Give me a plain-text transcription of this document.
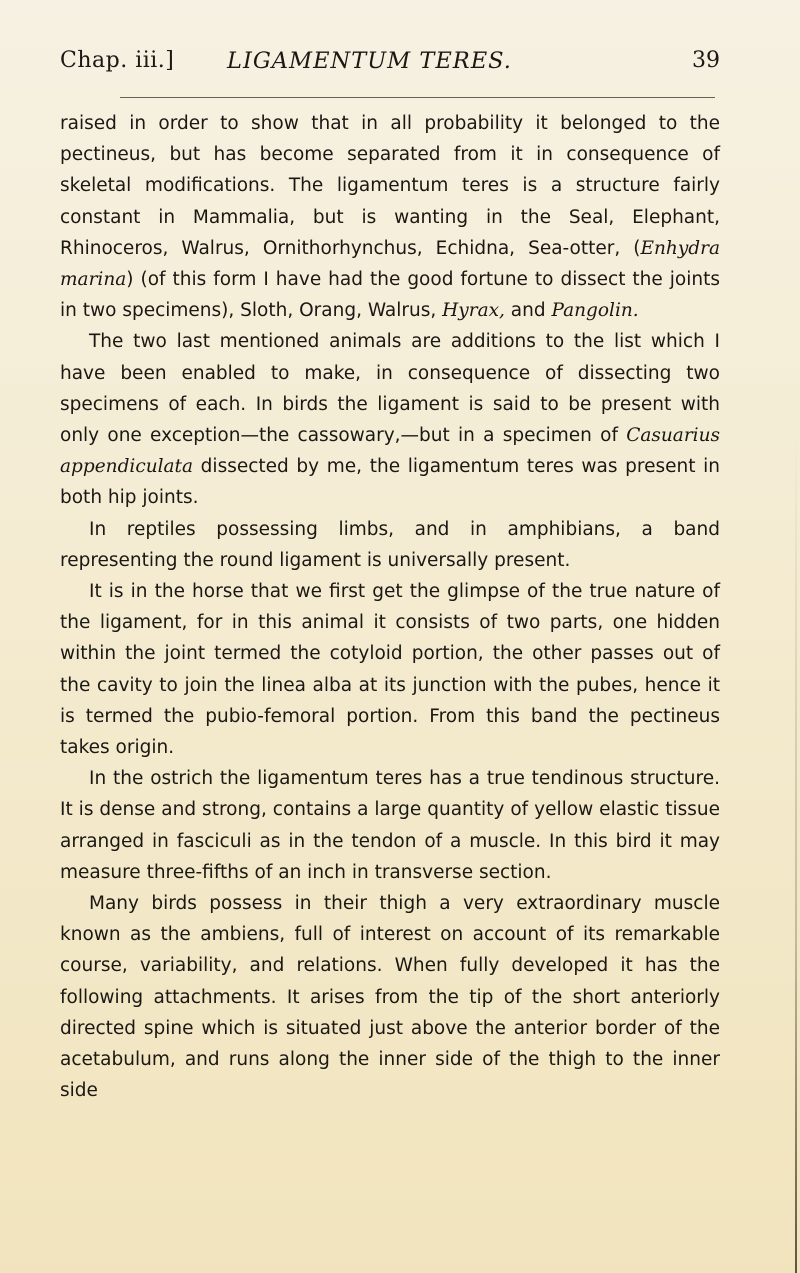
Chap. iii.] LIGAMENTUM TERES.	39

raised in order to show that in all probability it belonged to the pectineus, but has become separated from it in consequence of skeletal modifications. The ligamentum teres is a structure fairly constant in Mammalia, but is wanting in the Seal, Elephant, Rhinoceros, Walrus, Ornithorhynchus, Echidna, Sea-otter, (Enhydra marina) (of this form I have had the good fortune to dissect the joints in two specimens), Sloth, Orang, Walrus, Hyrax, and Pangolin.

The two last mentioned animals are additions to the list which I have been enabled to make, in consequence of dissecting two specimens of each. In birds the ligament is said to be present with only one exception—the cassowary,—but in a specimen of Casuarius appendiculata dissected by me, the ligamentum teres was present in both hip joints.

In reptiles possessing limbs, and in amphibians, a band representing the round ligament is universally present.

It is in the horse that we first get the glimpse of the true nature of the ligament, for in this animal it consists of two parts, one hidden within the joint termed the cotyloid portion, the other passes out of the cavity to join the linea alba at its junction with the pubes, hence it is termed the pubio-femoral portion. From this band the pectineus takes origin.

In the ostrich the ligamentum teres has a true tendinous structure. It is dense and strong, contains a large quantity of yellow elastic tissue arranged in fasciculi as in the tendon of a muscle. In this bird it may measure three-fifths of an inch in transverse section.

Many birds possess in their thigh a very extraordinary muscle known as the ambiens, full of interest on account of its remarkable course, variability, and relations. When fully developed it has the following attachments. It arises from the tip of the short anteriorly directed spine which is situated just above the anterior border of the acetabulum, and runs along the inner side of the thigh to the inner side
